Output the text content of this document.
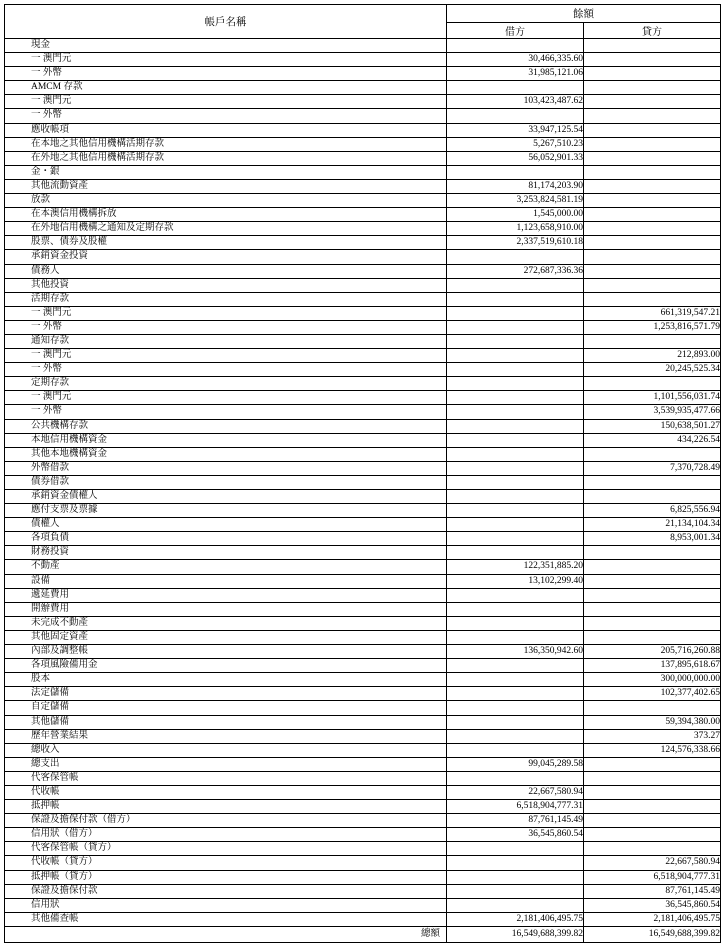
帳戶名稱	餘額	
	借方	貸方
現金		
一 澳門元	30,466,335.60	
一 外幣	31,985,121.06	
AMCM 存款		
一 澳門元	103,423,487.62	
一 外幣		
應收帳項	33,947,125.54	
在本地之其他信用機構活期存款	5,267,510.23	
在外地之其他信用機構活期存款	56,052,901.33	
金・銀		
其他流動資產	81,174,203.90	
放款	3,253,824,581.19	
在本澳信用機構拆放	1,545,000.00	
在外地信用機構之通知及定期存款	1,123,658,910.00	
股票、債券及股權	2,337,519,610.18	
承銷資金投資		
債務人	272,687,336.36	
其他投資		
活期存款		
一 澳門元		661,319,547.21
一 外幣		1,253,816,571.79
通知存款		
一 澳門元		212,893.00
一 外幣		20,245,525.34
定期存款		
一 澳門元		1,101,556,031.74
一 外幣		3,539,935,477.66
公共機構存款		150,638,501.27
本地信用機構資金		434,226.54
其他本地機構資金		
外幣借款		7,370,728.49
債券借款		
承銷資金債權人		
應付支票及票據		6,825,556.94
債權人		21,134,104.34
各項負債		8,953,001.34
財務投資		
不動產	122,351,885.20	
設備	13,102,299.40	
遞延費用		
開辦費用		
未完成不動產		
其他固定資產		
內部及調整帳	136,350,942.60	205,716,260.88
各項風險備用金		137,895,618.67
股本		300,000,000.00
法定儲備		102,377,402.65
自定儲備		
其他儲備		59,394,380.00
歷年營業結果		373.27
總收入		124,576,338.66
總支出	99,045,289.58	
代客保管帳		
代收帳	22,667,580.94	
抵押帳	6,518,904,777.31	
保證及擔保付款（借方）	87,761,145.49	
信用狀（借方）	36,545,860.54	
代客保管帳（貸方）		
代收帳（貸方）		22,667,580.94
抵押帳（貸方）		6,518,904,777.31
保證及擔保付款		87,761,145.49
信用狀		36,545,860.54
其他備查帳	2,181,406,495.75	2,181,406,495.75
總額	16,549,688,399.82	16,549,688,399.82
